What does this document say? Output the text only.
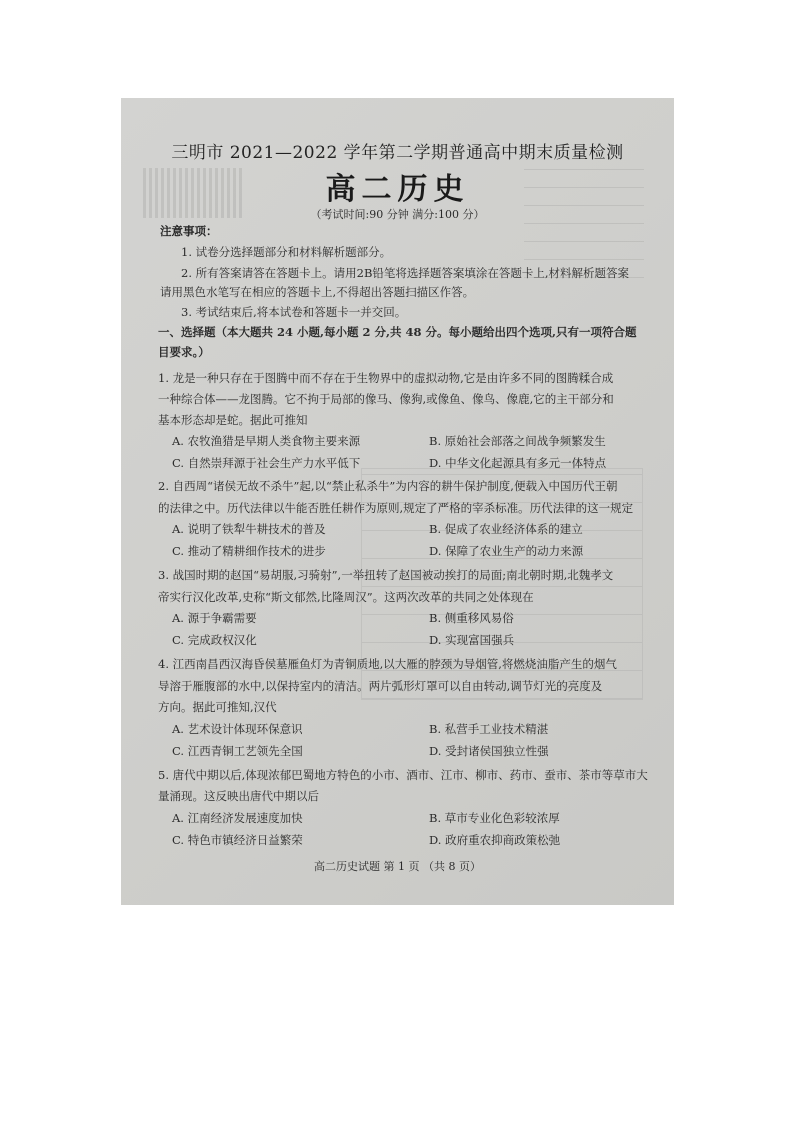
三明市 2021—2022 学年第二学期普通高中期末质量检测
高二历史
（考试时间:90 分钟 满分:100 分）
注意事项：
1. 试卷分选择题部分和材料解析题部分。
2. 所有答案请答在答题卡上。请用2B铅笔将选择题答案填涂在答题卡上,材料解析题答案
请用黑色水笔写在相应的答题卡上,不得超出答题扫描区作答。
3. 考试结束后,将本试卷和答题卡一并交回。
一、选择题（本大题共 24 小题,每小题 2 分,共 48 分。每小题给出四个选项,只有一项符合题
目要求。）
1. 龙是一种只存在于图腾中而不存在于生物界中的虚拟动物,它是由许多不同的图腾糅合成
一种综合体——龙图腾。它不拘于局部的像马、像狗,或像鱼、像鸟、像鹿,它的主干部分和
基本形态却是蛇。据此可推知
A. 农牧渔猎是早期人类食物主要来源	B. 原始社会部落之间战争频繁发生
C. 自然崇拜源于社会生产力水平低下	D. 中华文化起源具有多元一体特点
2. 自西周“诸侯无故不杀牛”起,以“禁止私杀牛”为内容的耕牛保护制度,便载入中国历代王朝
的法律之中。历代法律以牛能否胜任耕作为原则,规定了严格的宰杀标准。历代法律的这一规定
A. 说明了铁犁牛耕技术的普及	B. 促成了农业经济体系的建立
C. 推动了精耕细作技术的进步	D. 保障了农业生产的动力来源
3. 战国时期的赵国“易胡服,习骑射”,一举扭转了赵国被动挨打的局面;南北朝时期,北魏孝文
帝实行汉化改革,史称“斯文郁然,比隆周汉”。这两次改革的共同之处体现在
A. 源于争霸需要	B. 侧重移风易俗
C. 完成政权汉化	D. 实现富国强兵
4. 江西南昌西汉海昏侯墓雁鱼灯为青铜质地,以大雁的脖颈为导烟管,将燃烧油脂产生的烟气
导溶于雁腹部的水中,以保持室内的清洁。两片弧形灯罩可以自由转动,调节灯光的亮度及
方向。据此可推知,汉代
A. 艺术设计体现环保意识	B. 私营手工业技术精湛
C. 江西青铜工艺领先全国	D. 受封诸侯国独立性强
5. 唐代中期以后,体现浓郁巴蜀地方特色的小市、酒市、江市、柳市、药市、蚕市、茶市等草市大
量涌现。这反映出唐代中期以后
A. 江南经济发展速度加快	B. 草市专业化色彩较浓厚
C. 特色市镇经济日益繁荣	D. 政府重农抑商政策松弛
高二历史试题 第 1 页 （共 8 页）
